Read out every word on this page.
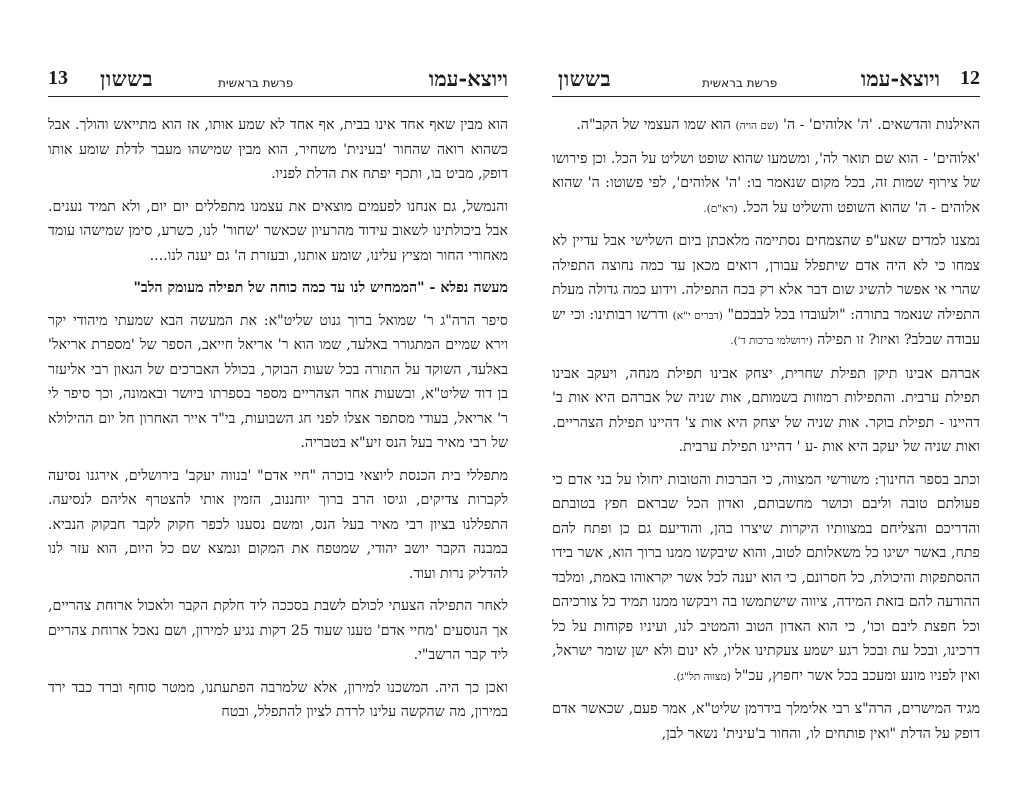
12
ויוצא-עמו
פרשת בראשית
בששון

האילנות והדשאים. 'ה' אלוהים' - ה' (שם הויה) הוא שמו העצמי של הקב"ה.

'אלוהים' - הוא שם תואר לה', ומשמעו שהוא שופט ושליט על הכל. וכן פירושו של צירוף שמות זה, בכל מקום שנאמר בו: 'ה' אלוהים', לפי פשוטו: ה' שהוא אלוהים - ה' שהוא השופט והשליט על הכל. (רא"ם).

נמצנו למדים שאע"פ שהצמחים נסתיימה מלאכתן ביום השלישי אבל עדיין לא צמחו כי לא היה אדם שיתפלל עבורן, רואים מכאן עד כמה נחוצה התפילה שהרי אי אפשר להשיג שום דבר אלא רק בכח התפילה. וידוע כמה גדולה מעלת התפילה שנאמר בתורה: "ולעובדו בכל לבבכם" (דברים י"א) ודרשו רבותינו: וכי יש עבודה שבלב? ואיזו? זו תפילה (ירושלמי ברכות ד').

אברהם אבינו תיקן תפילת שחרית, יצחק אבינו תפילת מנחה, ויעקב אבינו תפילת ערבית. והתפילות רמוזות בשמותם, אות שניה של אברהם היא אות ב' דהיינו - תפילת בוקר. אות שניה של יצחק היא אות צ' דהיינו תפילת הצהריים. ואות שניה של יעקב היא אות -ע ' דהיינו תפילת ערבית.

וכתב בספר החינוך: משורשי המצווה, כי הברכות והטובות יחולו על בני אדם כי פעולתם טובה וליבם וכושר מחשבותם, ואדון הכל שבראם חפץ בטובתם והדריכם והצליחם במצוותיו היקרות שיצרו בהן, והודיעם גם כן ופתח להם פתח, באשר ישיגו כל משאלותם לטוב, והוא שיבקשו ממנו ברוך הוא, אשר בידו ההסתפקות והיכולת, כל חסרונם, כי הוא יענה לכל אשר יקראוהו באמת, ומלבד ההודעה להם בזאת המידה, ציווה שישתמשו בה ויבקשו ממנו תמיד כל צורכיהם וכל חפצת ליבם וכו', כי הוא האדון הטוב והמטיב לנו, ועיניו פקוחות על כל דרכינו, ובכל עת ובכל רגע ישמע צעקתינו אליו, לא ינום ולא ישן שומר ישראל, ואין לפניו מונע ומעכב בכל אשר יחפוץ, עכ"ל (מצווה תל"ג).

מגיד המישרים, הרה"צ רבי אלימלך בידרמן שליט"א, אמר פעם, שכאשר אדם דופק על הדלת "ואין פותחים לו, והחור ב'עינית' נשאר לבן,

13 בששון	פרשת בראשית	ויוצא-עמו

הוא מבין שאף אחד אינו בבית, אף אחד לא שמע אותו, אז הוא מתייאש והולך. אבל כשהוא רואה שהחור 'בעינית' משחיר, הוא מבין שמישהו מעבר לדלת שומע אותו דופק, מביט בו, ותכף יפתח את הדלת לפניו.

והנמשל, גם אנחנו לפעמים מוצאים את עצמנו מתפללים יום יום, ולא תמיד נענים. אבל ביכולתינו לשאוב עידוד מהרעיון שכאשר 'שחור' לנו, כשרע, סימן שמישהו עומד מאחורי החור ומציץ עלינו, שומע אותנו, ובעזרת ה' גם יענה לנו....

מעשה נפלא - "הממחיש לנו עד כמה כוחה של תפילה מעומק הלב"

סיפר הרה"ג ר' שמואל ברוך גנוט שליט"א: את המעשה הבא שמעתי מיהודי יקר וירא שמיים המתגורר באלעד, שמו הוא ר' אריאל חייאב, הספר של 'מספרת אריאל' באלעד, השוקד על התורה בכל שעות הבוקר, בכולל האברכים של הגאון רבי אליעזר בן דוד שליט"א, ובשעות אחר הצהריים מספר בספרתו ביושר ובאמונה, וכך סיפר לי ר' אריאל, בעודי מסתפר אצלו לפני חג השבועות, בי"ד אייר האחרון חל יום ההילולא של רבי מאיר בעל הנס זיע"א בטבריה.

מתפללי בית הכנסת ליוצאי בוכרה "חיי אדם" 'בנווה יעקב' בירושלים, אירגנו נסיעה לקברות צדיקים, וגיסו הרב ברוך יוחננוב, הזמין אותי להצטרף אליהם לנסיעה. התפללנו בציון רבי מאיר בעל הנס, ומשם נסענו לכפר חקוק לקבר חבקוק הנביא. במבנה הקבר יושב יהודי, שמטפח את המקום ונמצא שם כל היום, הוא עזר לנו להדליק נרות ועוד.

לאחר התפילה הצעתי לכולם לשבת בסככה ליד חלקת הקבר ולאכול ארוחת צהריים, אך הנוסעים 'מחיי אדם' טענו שעוד 25 דקות נגיע למירון, ושם נאכל ארוחת צהריים ליד קבר הרשב"י.

ואכן כך היה. המשכנו למירון, אלא שלמרבה הפתעתנו, ממטר סוחף וברד כבד ירד במירון, מה שהקשה עלינו לרדת לציון להתפלל, ובטח
